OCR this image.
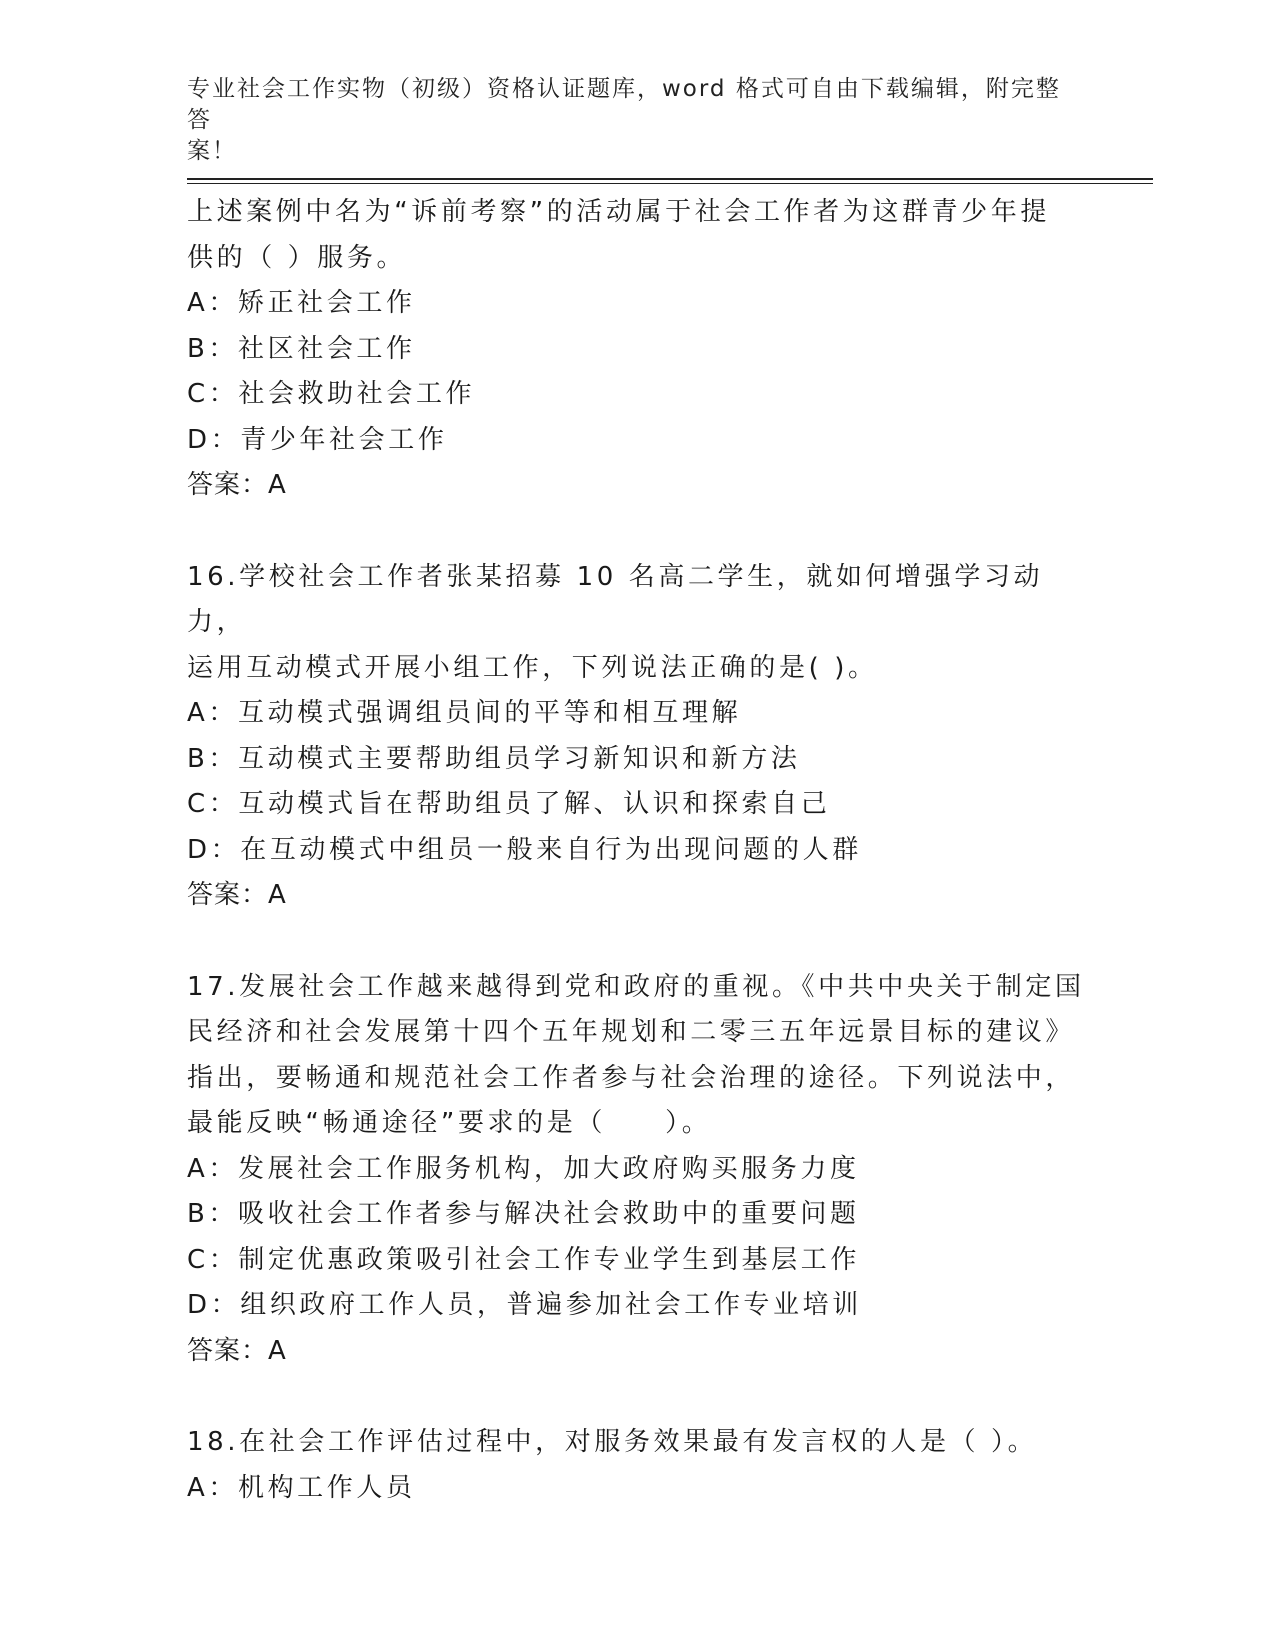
专业社会工作实物（初级）资格认证题库，word 格式可自由下载编辑，附完整答
案！
上述案例中名为“诉前考察”的活动属于社会工作者为这群青少年提
供的（ ）服务。
A：矫正社会工作
B：社区社会工作
C：社会救助社会工作
D：青少年社会工作
答案：A
16.学校社会工作者张某招募 10 名高二学生，就如何增强学习动力，
运用互动模式开展小组工作，下列说法正确的是( )。
A：互动模式强调组员间的平等和相互理解
B：互动模式主要帮助组员学习新知识和新方法
C：互动模式旨在帮助组员了解、认识和探索自己
D：在互动模式中组员一般来自行为出现问题的人群
答案：A
17.发展社会工作越来越得到党和政府的重视。《中共中央关于制定国
民经济和社会发展第十四个五年规划和二零三五年远景目标的建议》
指出，要畅通和规范社会工作者参与社会治理的途径。下列说法中，
最能反映“畅通途径”要求的是（　　）。
A：发展社会工作服务机构，加大政府购买服务力度
B：吸收社会工作者参与解决社会救助中的重要问题
C：制定优惠政策吸引社会工作专业学生到基层工作
D：组织政府工作人员，普遍参加社会工作专业培训
答案：A
18.在社会工作评估过程中，对服务效果最有发言权的人是（ ）。
A：机构工作人员
